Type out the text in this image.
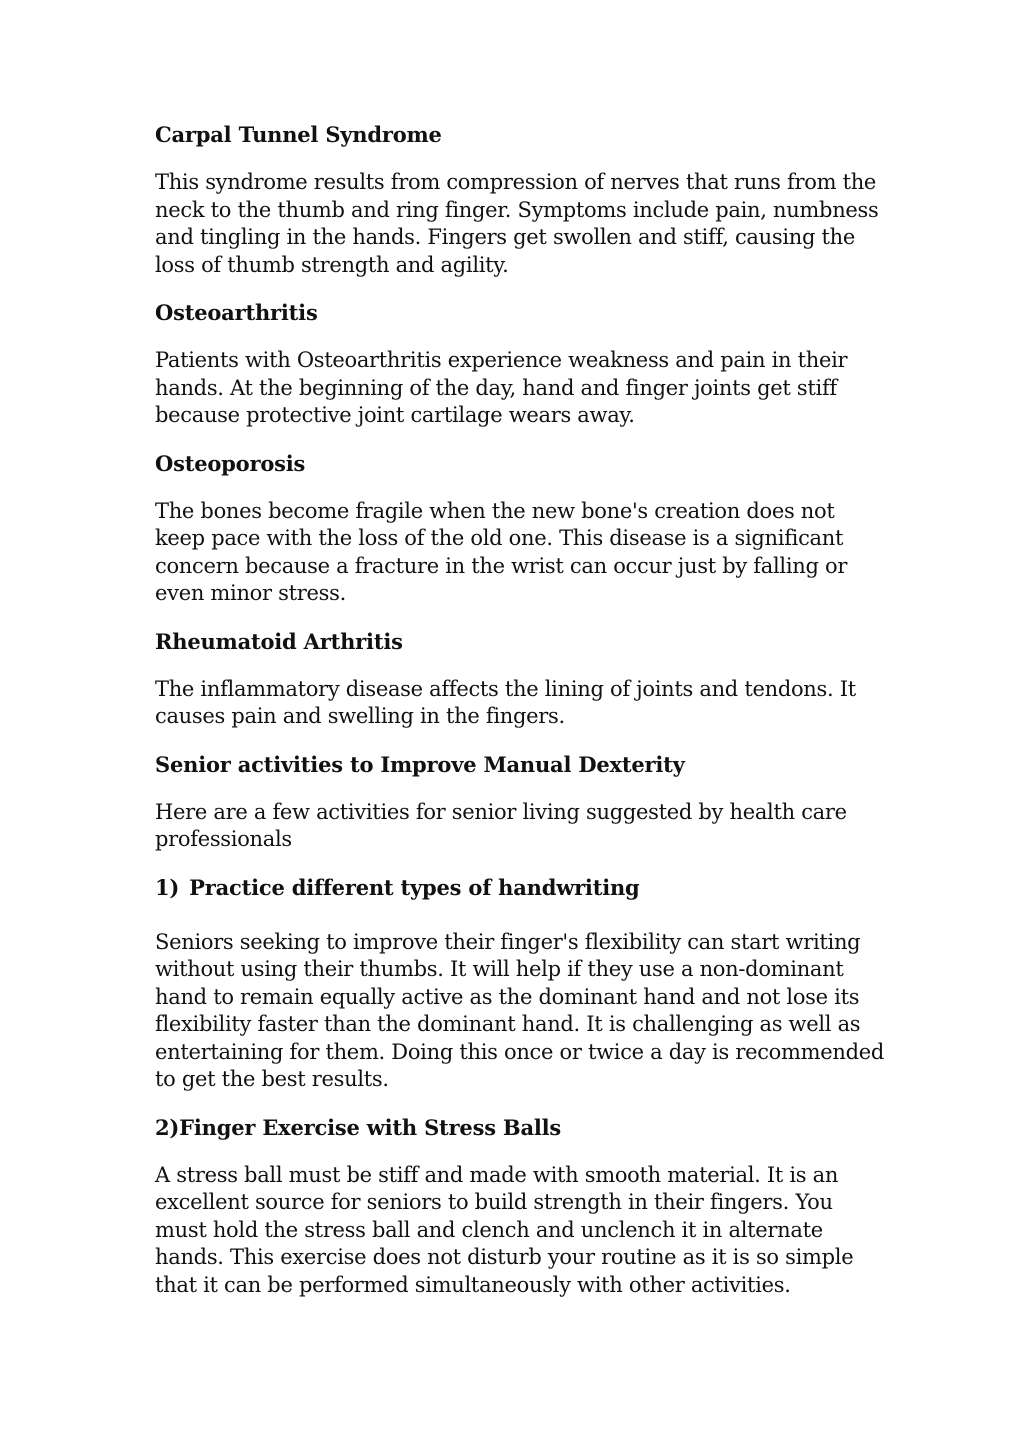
Carpal Tunnel Syndrome

This syndrome results from compression of nerves that runs from the neck to the thumb and ring finger. Symptoms include pain, numbness and tingling in the hands. Fingers get swollen and stiff, causing the loss of thumb strength and agility.

Osteoarthritis

Patients with Osteoarthritis experience weakness and pain in their hands. At the beginning of the day, hand and finger joints get stiff because protective joint cartilage wears away.

Osteoporosis

The bones become fragile when the new bone's creation does not keep pace with the loss of the old one. This disease is a significant concern because a fracture in the wrist can occur just by falling or even minor stress.

Rheumatoid Arthritis

The inflammatory disease affects the lining of joints and tendons. It causes pain and swelling in the fingers.

Senior activities to Improve Manual Dexterity

Here are a few activities for senior living suggested by health care professionals

1) Practice different types of handwriting

Seniors seeking to improve their finger's flexibility can start writing without using their thumbs. It will help if they use a non-dominant hand to remain equally active as the dominant hand and not lose its flexibility faster than the dominant hand. It is challenging as well as entertaining for them. Doing this once or twice a day is recommended to get the best results.

2)Finger Exercise with Stress Balls

A stress ball must be stiff and made with smooth material. It is an excellent source for seniors to build strength in their fingers. You must hold the stress ball and clench and unclench it in alternate hands. This exercise does not disturb your routine as it is so simple that it can be performed simultaneously with other activities.
